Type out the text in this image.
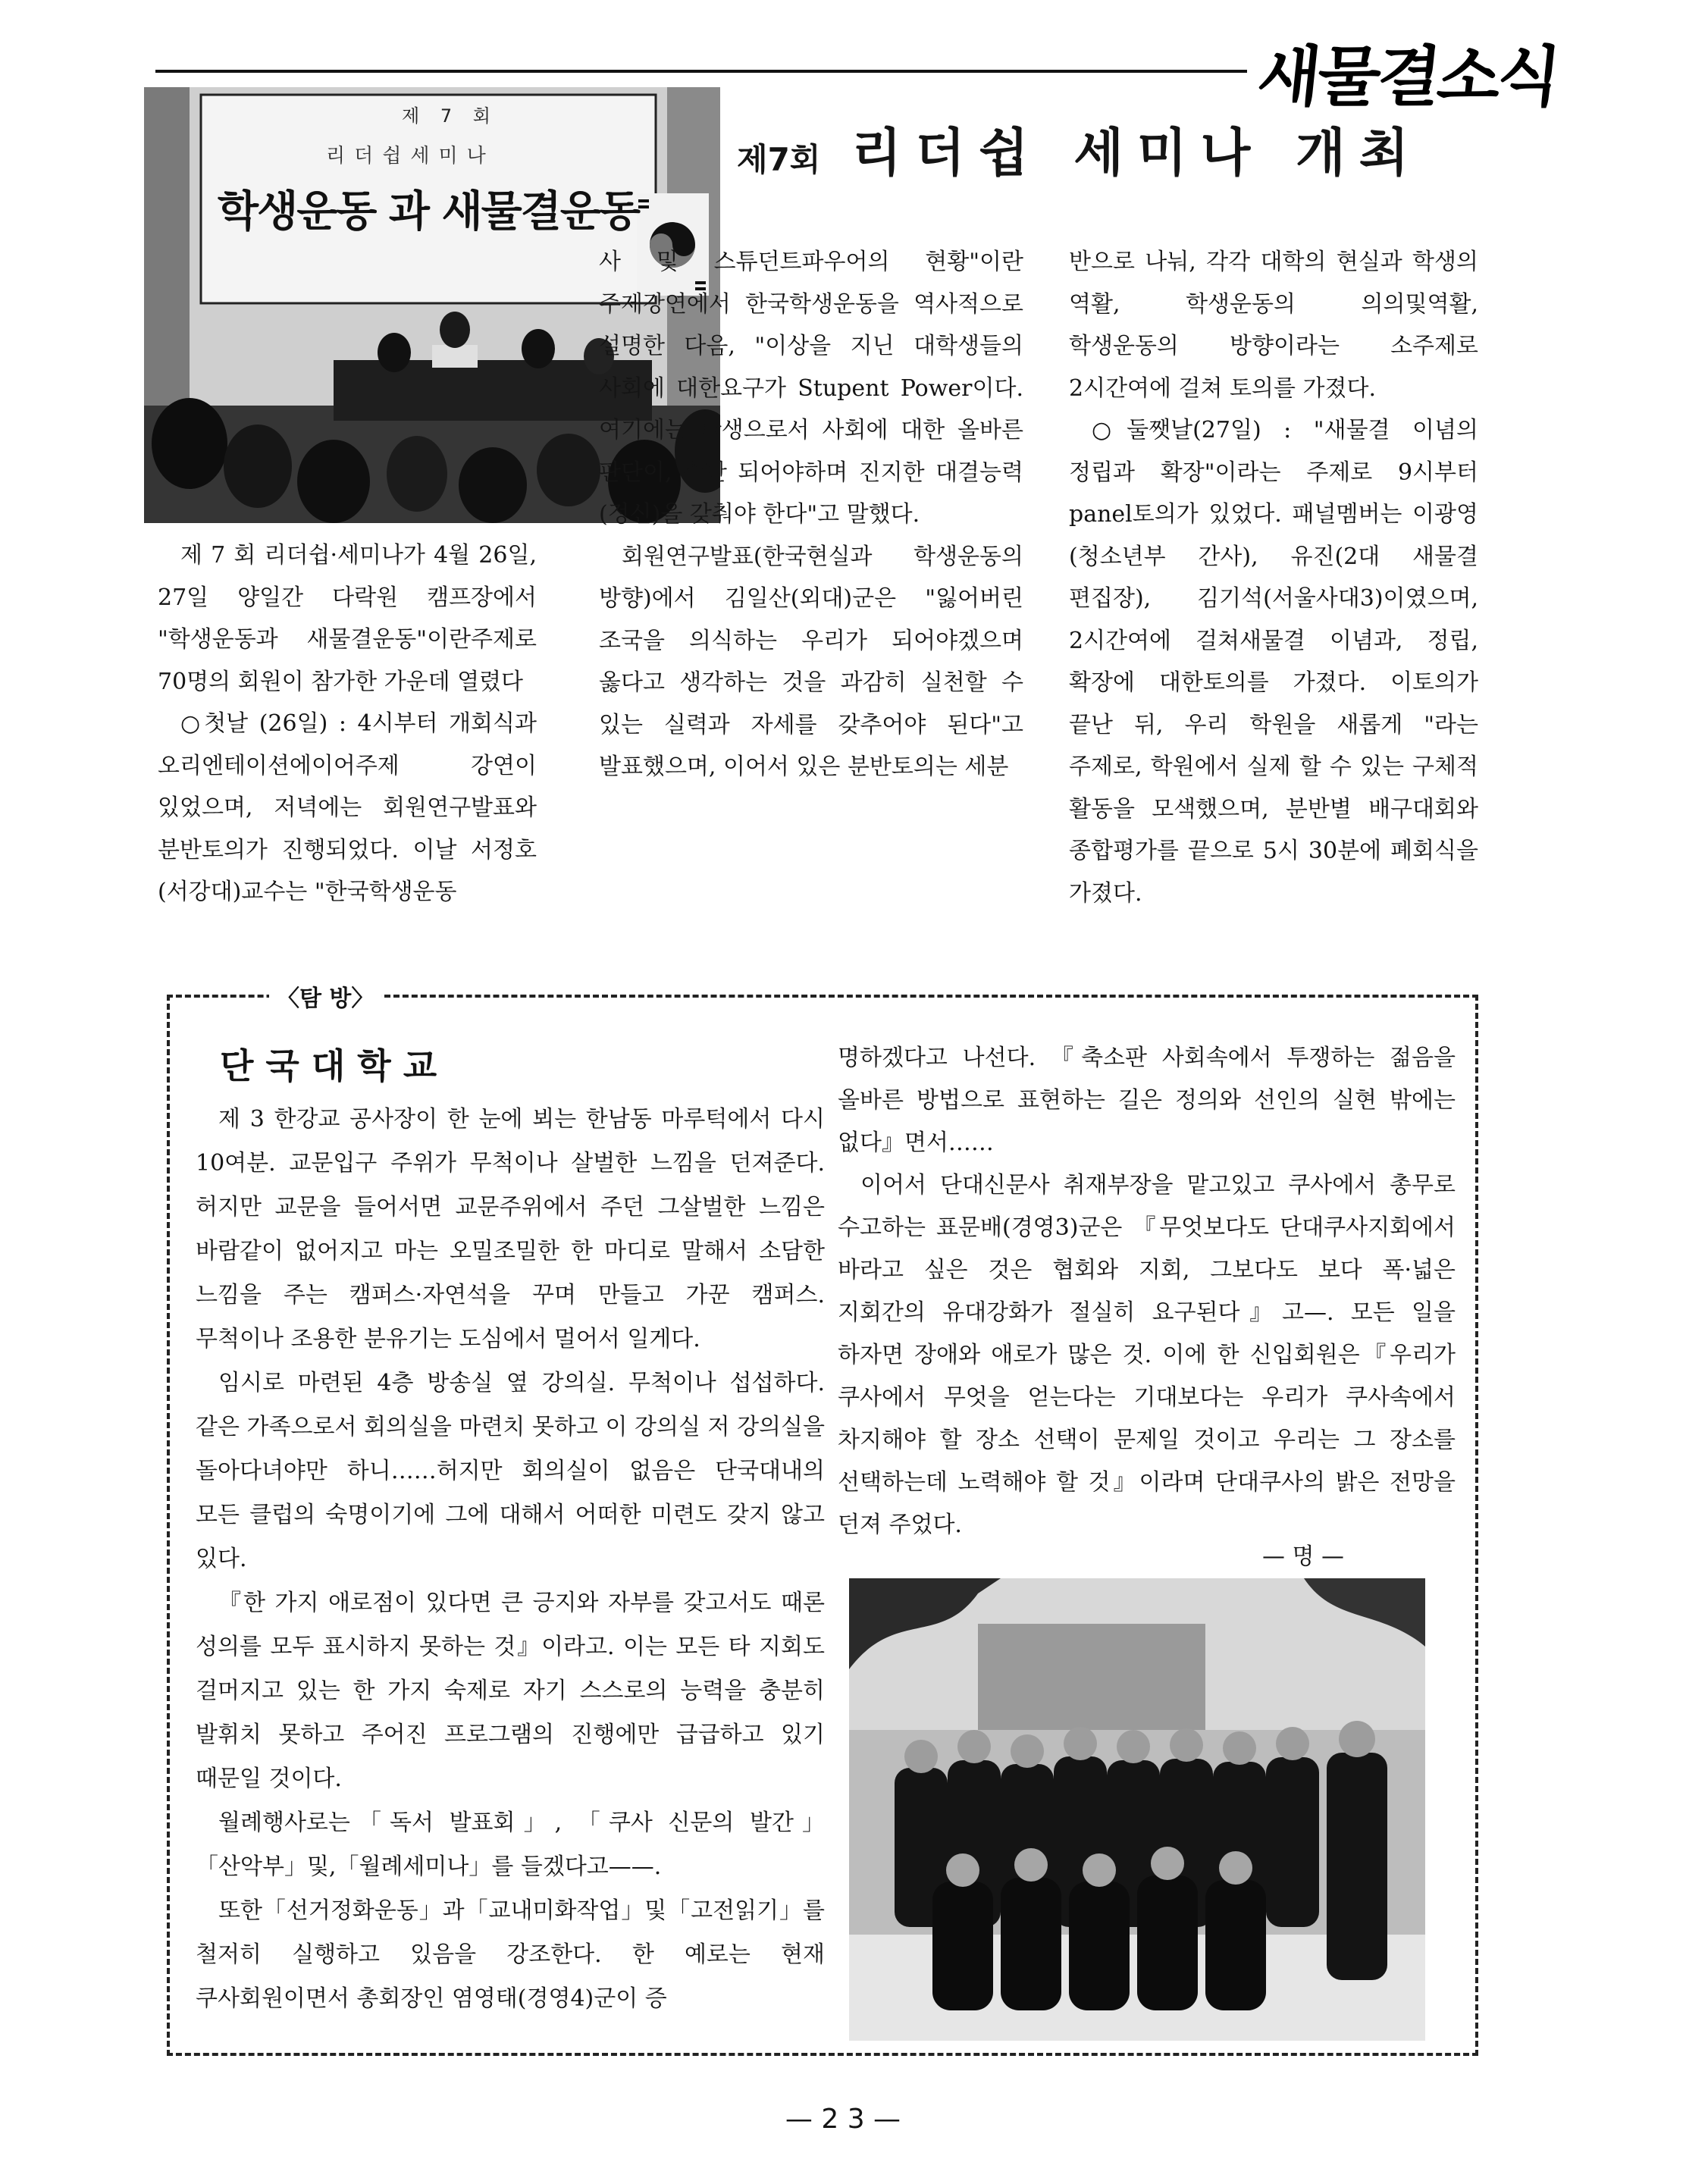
새물결소식
제 7 회
리더쉽세미나
학생운동 과 새물결운동
제7회 리더쉽 세미나 개최

제 7 회 리더쉽·세미나가 4월 26일, 27일 양일간 다락원 캠프장에서 "학생운동과 새물결운동"이란주제로 70명의 회원이 참가한 가운데 열렸다

○첫날 (26일) : 4시부터 개회식과 오리엔테이션에이어주제 강연이 있었으며, 저녁에는 회원연구발표와 분반토의가 진행되었다. 이날 서정호(서강대)교수는 "한국학생운동

사 및 스튜던트파우어의 현황"이란 주제강연에서 한국학생운동을 역사적으로 설명한 다음, "이상을 지닌 대학생들의 사회에 대한요구가 Stupent Power이다. 여기에는 학생으로서 사회에 대한 올바른 판단이, 수반 되어야하며 진지한 대결능력(정신)을 갖춰야 한다"고 말했다.

회원연구발표(한국현실과 학생운동의 방향)에서 김일산(외대)군은 "잃어버린 조국을 의식하는 우리가 되어야겠으며 옳다고 생각하는 것을 과감히 실천할 수 있는 실력과 자세를 갖추어야 된다"고 발표했으며, 이어서 있은 분반토의는 세분

반으로 나눠, 각각 대학의 현실과 학생의 역활, 학생운동의 의의및역활, 학생운동의 방향이라는 소주제로 2시간여에 걸쳐 토의를 가졌다.

○둘쨋날(27일) : "새물결 이념의 정립과 확장"이라는 주제로 9시부터 panel토의가 있었다. 패널멤버는 이광영(청소년부 간사), 유진(2대 새물결 편집장), 김기석(서울사대3)이였으며, 2시간여에 걸쳐새물결 이념과, 정립, 확장에 대한토의를 가졌다. 이토의가 끝난 뒤, 우리 학원을 새롭게 "라는 주제로, 학원에서 실제 할 수 있는 구체적 활동을 모색했으며, 분반별 배구대회와 종합평가를 끝으로 5시 30분에 폐회식을 가졌다.

〈탐 방〉
단국대학교

제 3 한강교 공사장이 한 눈에 뵈는 한남동 마루턱에서 다시 10여분. 교문입구 주위가 무척이나 살벌한 느낌을 던져준다. 허지만 교문을 들어서면 교문주위에서 주던 그살벌한 느낌은 바람같이 없어지고 마는 오밀조밀한 한 마디로 말해서 소담한 느낌을 주는 캠퍼스·자연석을 꾸며 만들고 가꾼 캠퍼스. 무척이나 조용한 분유기는 도심에서 멀어서 일게다.

임시로 마련된 4층 방송실 옆 강의실. 무척이나 섭섭하다. 같은 가족으로서 회의실을 마련치 못하고 이 강의실 저 강의실을 돌아다녀야만 하니……허지만 회의실이 없음은 단국대내의 모든 클럽의 숙명이기에 그에 대해서 어떠한 미련도 갖지 않고 있다.

『한 가지 애로점이 있다면 큰 긍지와 자부를 갖고서도 때론 성의를 모두 표시하지 못하는 것』이라고. 이는 모든 타 지회도 걸머지고 있는 한 가지 숙제로 자기 스스로의 능력을 충분히 발휘치 못하고 주어진 프로그램의 진행에만 급급하고 있기 때문일 것이다.

월례행사로는「독서 발표회」, 「쿠사 신문의 발간」「산악부」및,「월례세미나」를 들겠다고——.

또한「선거정화운동」과「교내미화작업」및「고전읽기」를 철저히 실행하고 있음을 강조한다. 한 예로는 현재 쿠사회원이면서 총회장인 염영태(경영4)군이 증

명하겠다고 나선다. 『축소판 사회속에서 투쟁하는 젊음을 올바른 방법으로 표현하는 길은 정의와 선인의 실현 밖에는 없다』면서……

이어서 단대신문사 취재부장을 맡고있고 쿠사에서 총무로 수고하는 표문배(경영3)군은 『무엇보다도 단대쿠사지회에서 바라고 싶은 것은 협회와 지회, 그보다도 보다 폭·넓은 지회간의 유대강화가 절실히 요구된다』고—. 모든 일을 하자면 장애와 애로가 많은 것. 이에 한 신입회원은『우리가 쿠사에서 무엇을 얻는다는 기대보다는 우리가 쿠사속에서 차지해야 할 장소 선택이 문제일 것이고 우리는 그 장소를 선택하는데 노력해야 할 것』이라며 단대쿠사의 밝은 전망을 던져 주었다.

— 명 —
— 2 3 —
